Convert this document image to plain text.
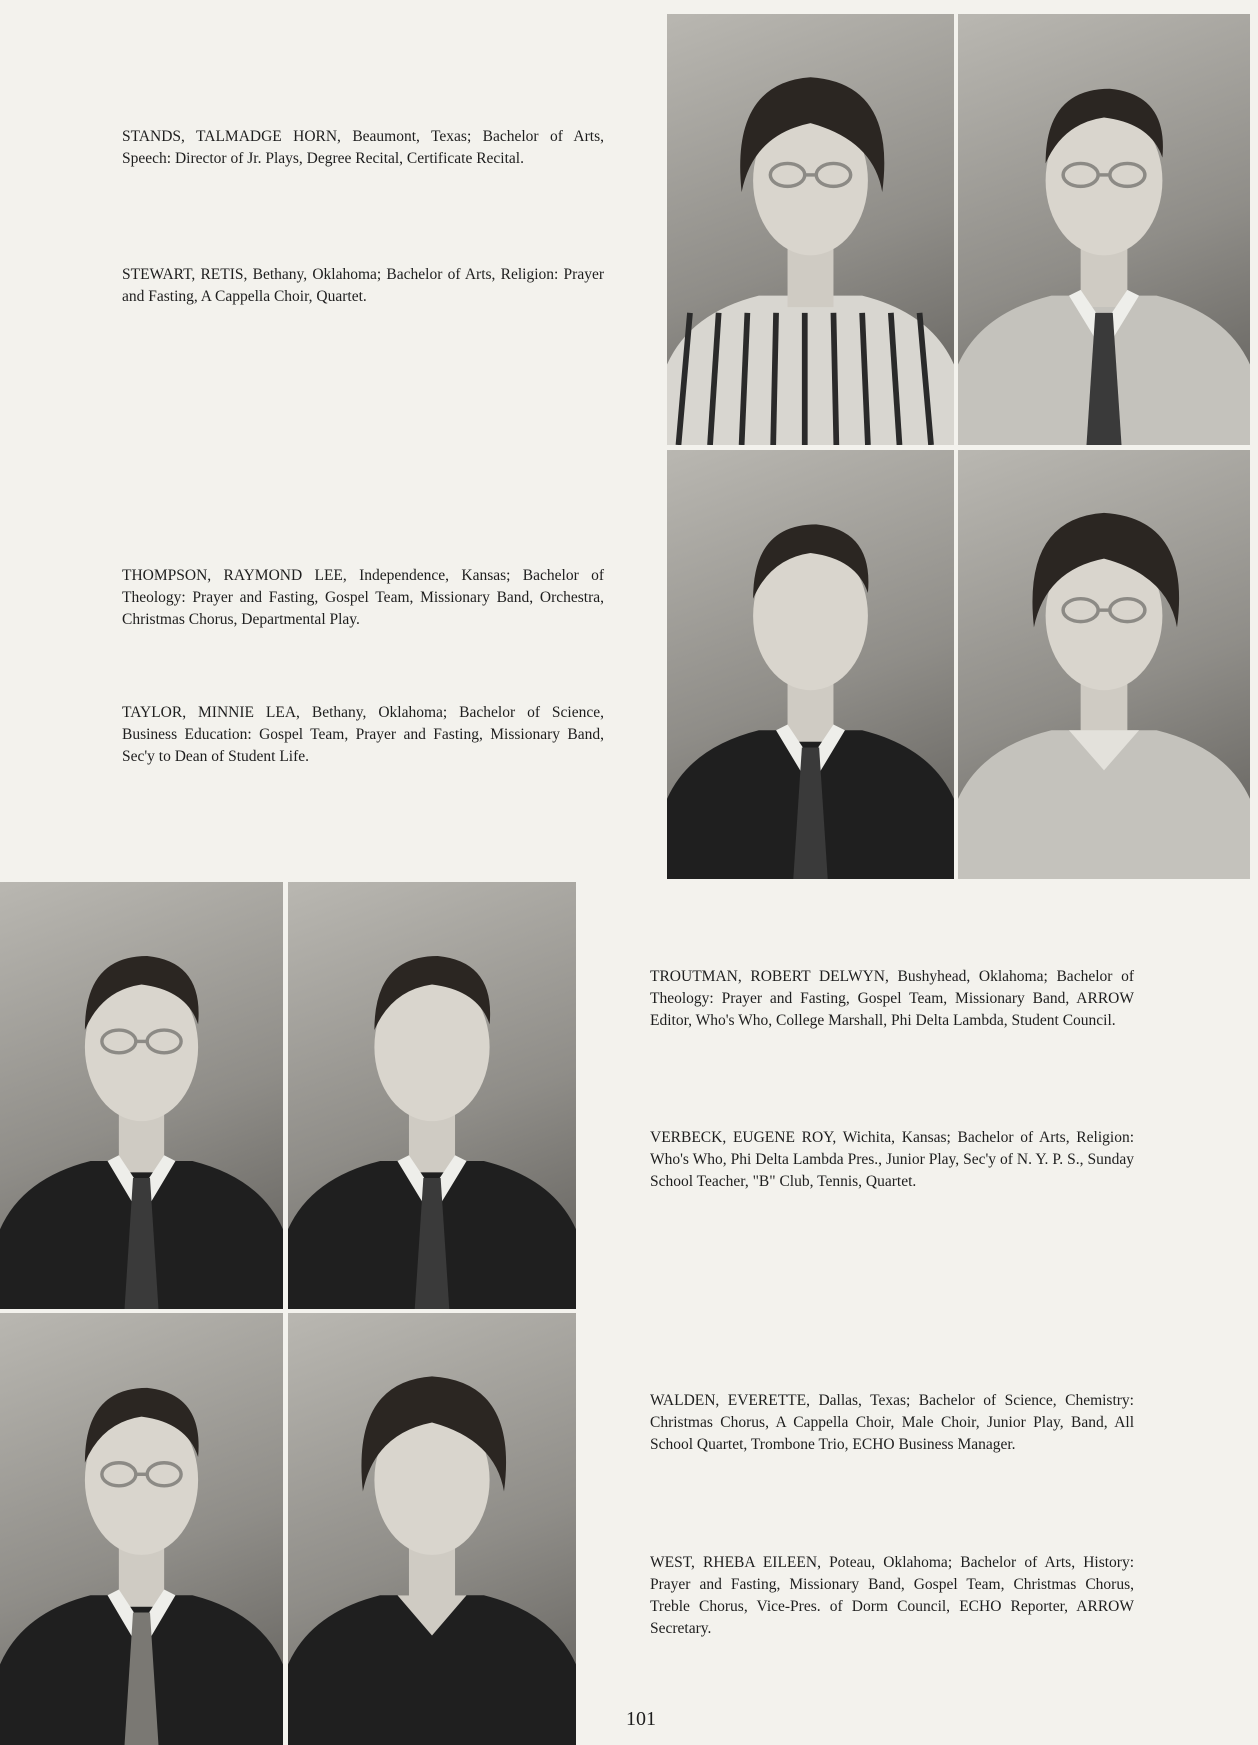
STANDS, TALMADGE HORN, Beaumont, Texas; Bachelor of Arts, Speech: Director of Jr. Plays, Degree Recital, Certificate Recital.

STEWART, RETIS, Bethany, Oklahoma; Bachelor of Arts, Religion: Prayer and Fasting, A Cappella Choir, Quartet.

THOMPSON, RAYMOND LEE, Independence, Kansas; Bachelor of Theology: Prayer and Fasting, Gospel Team, Missionary Band, Orchestra, Christmas Chorus, Departmental Play.

TAYLOR, MINNIE LEA, Bethany, Oklahoma; Bachelor of Science, Business Education: Gospel Team, Prayer and Fasting, Missionary Band, Sec'y to Dean of Student Life.

TROUTMAN, ROBERT DELWYN, Bushyhead, Oklahoma; Bachelor of Theology: Prayer and Fasting, Gospel Team, Missionary Band, ARROW Editor, Who's Who, College Marshall, Phi Delta Lambda, Student Council.

VERBECK, EUGENE ROY, Wichita, Kansas; Bachelor of Arts, Religion: Who's Who, Phi Delta Lambda Pres., Junior Play, Sec'y of N. Y. P. S., Sunday School Teacher, "B" Club, Tennis, Quartet.

WALDEN, EVERETTE, Dallas, Texas; Bachelor of Science, Chemistry: Christmas Chorus, A Cappella Choir, Male Choir, Junior Play, Band, All School Quartet, Trombone Trio, ECHO Business Manager.

WEST, RHEBA EILEEN, Poteau, Oklahoma; Bachelor of Arts, History: Prayer and Fasting, Missionary Band, Gospel Team, Christmas Chorus, Treble Chorus, Vice-Pres. of Dorm Council, ECHO Reporter, ARROW Secretary.

101
